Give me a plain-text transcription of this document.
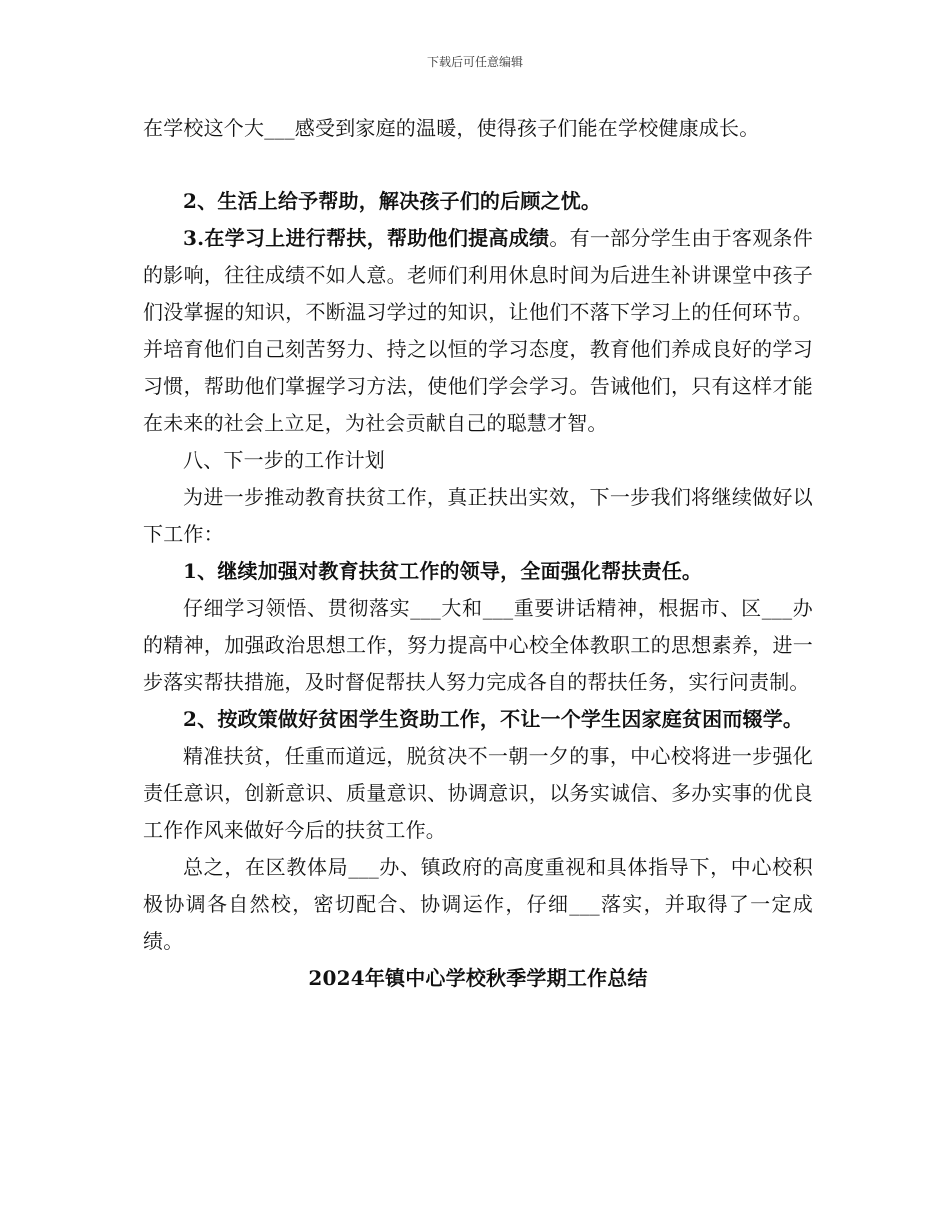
下载后可任意编辑

在学校这个大___感受到家庭的温暖，使得孩子们能在学校健康成长。

2、生活上给予帮助，解决孩子们的后顾之忧。

3.在学习上进行帮扶，帮助他们提高成绩。有一部分学生由于客观条件的影响，往往成绩不如人意。老师们利用休息时间为后进生补讲课堂中孩子们没掌握的知识，不断温习学过的知识，让他们不落下学习上的任何环节。并培育他们自己刻苦努力、持之以恒的学习态度，教育他们养成良好的学习习惯，帮助他们掌握学习方法，使他们学会学习。告诫他们，只有这样才能在未来的社会上立足，为社会贡献自己的聪慧才智。

八、下一步的工作计划

为进一步推动教育扶贫工作，真正扶出实效，下一步我们将继续做好以下工作：

1、继续加强对教育扶贫工作的领导，全面强化帮扶责任。

仔细学习领悟、贯彻落实___大和___重要讲话精神，根据市、区___办的精神，加强政治思想工作，努力提高中心校全体教职工的思想素养，进一步落实帮扶措施，及时督促帮扶人努力完成各自的帮扶任务，实行问责制。

2、按政策做好贫困学生资助工作，不让一个学生因家庭贫困而辍学。

精准扶贫，任重而道远，脱贫决不一朝一夕的事，中心校将进一步强化责任意识，创新意识、质量意识、协调意识，以务实诚信、多办实事的优良工作作风来做好今后的扶贫工作。

总之，在区教体局___办、镇政府的高度重视和具体指导下，中心校积极协调各自然校，密切配合、协调运作，仔细___落实，并取得了一定成绩。

2024年镇中心学校秋季学期工作总结
